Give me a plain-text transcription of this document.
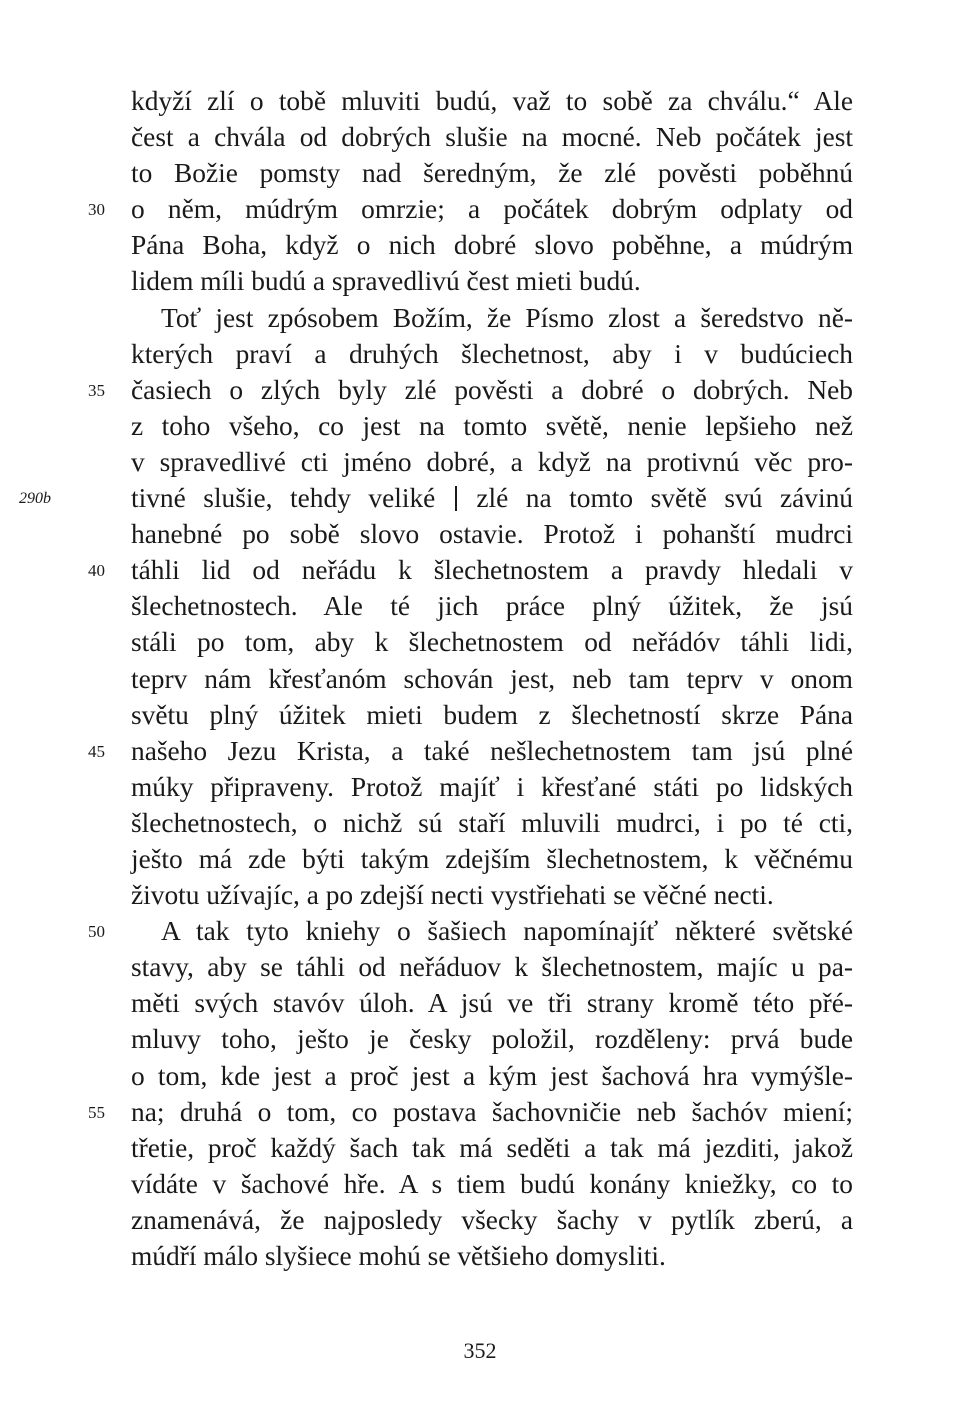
kdyží zlí o tobě mluviti budú, važ to sobě za chválu.“ Ale
čest a chvála od dobrých slušie na mocné. Neb počátek jest
to Božie pomsty nad šeredným, že zlé pověsti poběhnú
o něm, múdrým omrzie; a počátek dobrým odplaty od
30
Pána Boha, když o nich dobré slovo poběhne, a múdrým
lidem míli budú a spravedlivú čest mieti budú.
Toť jest zpósobem Božím, že Písmo zlost a šeredstvo ně-
kterých praví a druhých šlechetnost, aby i v budúciech
časiech o zlých byly zlé pověsti a dobré o dobrých. Neb
35
z toho všeho, co jest na tomto světě, nenie lepšieho než
v spravedlivé cti jméno dobré, a když na protivnú věc pro-
tivné slušie, tehdy veliké zlé na tomto světě svú závinú
290b
hanebné po sobě slovo ostavie. Protož i pohanští mudrci
táhli lid od neřádu k šlechetnostem a pravdy hledali v
40
šlechetnostech. Ale té jich práce plný úžitek, že jsú
stáli po tom, aby k šlechetnostem od neřádóv táhli lidi,
teprv nám křesťanóm schován jest, neb tam teprv v onom
světu plný úžitek mieti budem z šlechetností skrze Pána
našeho Jezu Krista, a také nešlechetnostem tam jsú plné
45
múky připraveny. Protož majíť i křesťané státi po lidských
šlechetnostech, o nichž sú staří mluvili mudrci, i po té cti,
ješto má zde býti takým zdejším šlechetnostem, k věčnému
životu užívajíc, a po zdejší necti vystřiehati se věčné necti.
A tak tyto kniehy o šašiech napomínajíť některé světské
50
stavy, aby se táhli od neřáduov k šlechetnostem, majíc u pa-
měti svých stavóv úloh. A jsú ve tři strany kromě této přé-
mluvy toho, ješto je česky položil, rozděleny: prvá bude
o tom, kde jest a proč jest a kým jest šachová hra vymýšle-
na; druhá o tom, co postava šachovničie neb šachóv miení;
55
třetie, proč každý šach tak má seděti a tak má jezditi, jakož
vídáte v šachové hře. A s tiem budú konány kniežky, co to
znamenává, že najposledy všecky šachy v pytlík zberú, a
múdří málo slyšiece mohú se většieho domysliti.
352
